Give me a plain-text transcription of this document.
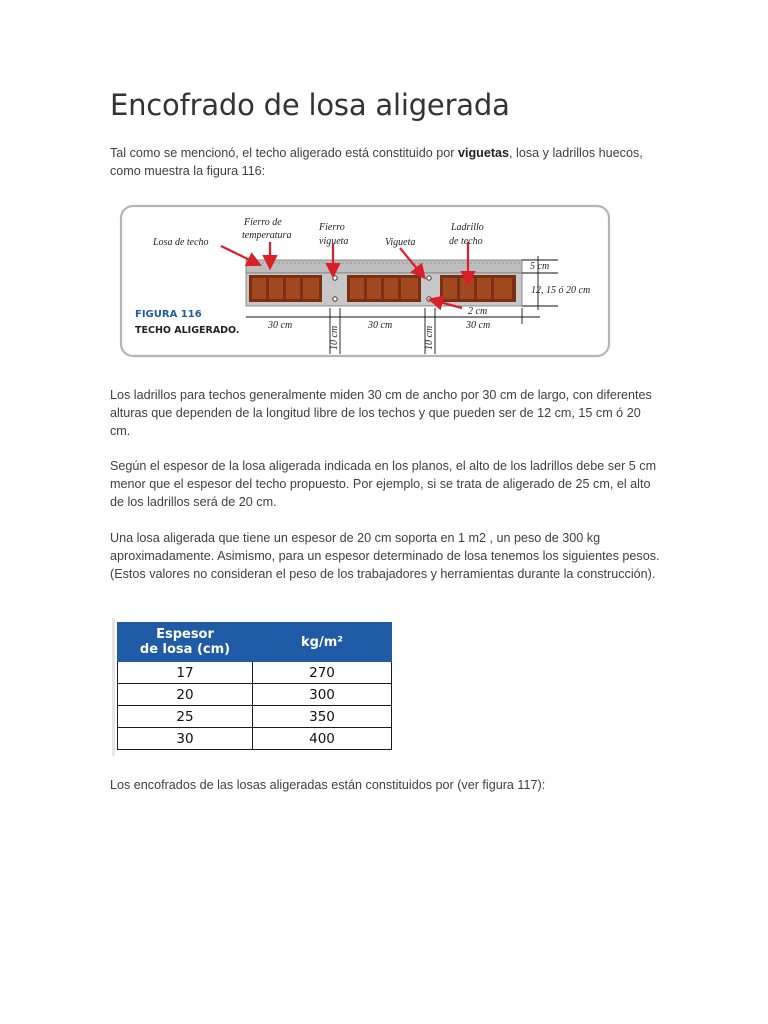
Encofrado de losa aligerada

Tal como se mencionó, el techo aligerado está constituido por viguetas, losa y ladrillos huecos, como muestra la figura 116:

Losa de techo
Fierro de
temperatura
Fierro
vigueta	Vigueta
Ladrillo
de techo
5 cm
12, 15 ó 20 cm
2 cm
30 cm	30 cm	30 cm
10 cm	10 cm
FIGURA 116
TECHO ALIGERADO.

Los ladrillos para techos generalmente miden 30 cm de ancho por 30 cm de largo, con diferentes alturas que dependen de la longitud libre de los techos y que pueden ser de 12 cm, 15 cm ó 20 cm.

Según el espesor de la losa aligerada indicada en los planos, el alto de los ladrillos debe ser 5 cm menor que el espesor del techo propuesto. Por ejemplo, si se trata de aligerado de 25 cm, el alto de los ladrillos será de 20 cm.

Una losa aligerada que tiene un espesor de 20 cm soporta en 1 m2 , un peso de 300 kg aproximadamente. Asimismo, para un espesor determinado de losa tenemos los siguientes pesos. (Estos valores no consideran el peso de los trabajadores y herramientas durante la construcción).

Espesor
de losa (cm)	kg/m²
17	270
20	300
25	350
30	400

Los encofrados de las losas aligeradas están constituidos por (ver figura 117):
